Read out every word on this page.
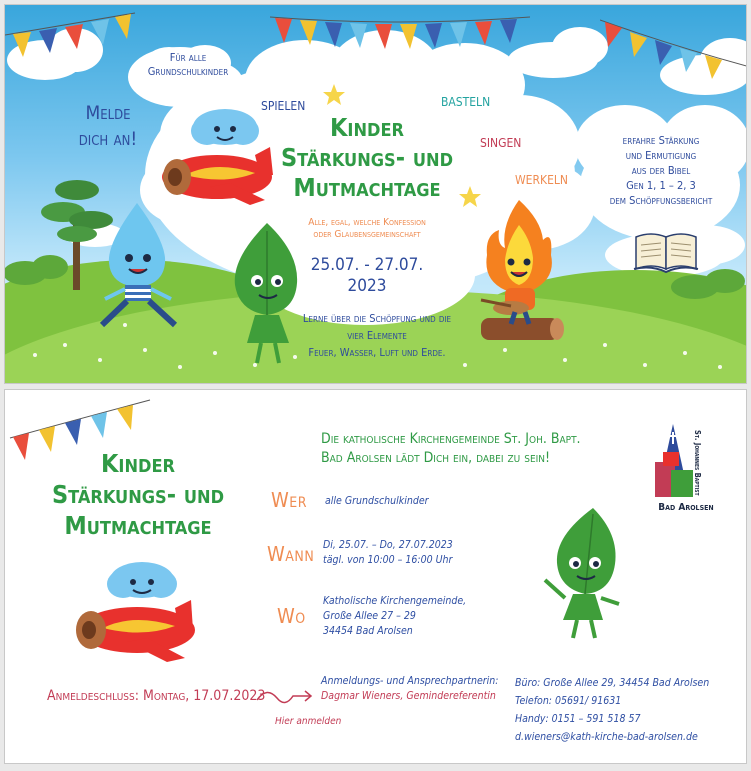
Für alle Grundschulkinder
Melde
dich an!
spielen	basteln
singen
werkeln
Kinder
Stärkungs- und
Mutmachtage
Alle, egal, welche Konfession
oder Glaubensgemeinschaft
25.07. - 27.07.
2023
Lerne über die Schöpfung und die
vier Elemente
Feuer, Wasser, Luft und Erde.
erfahre Stärkung
und Ermutigung
aus der Bibel
Gen 1, 1 – 2, 3
dem Schöpfungsbericht
Kinder
Stärkungs- und
Mutmachtage
Anmeldeschluss: Montag, 17.07.2023
Hier anmelden
Die katholische Kirchengemeinde St. Joh. Bapt.
Bad Arolsen lädt Dich ein, dabei zu sein!
Wer alle Grundschulkinder
Wann Di, 25.07. – Do, 27.07.2023
tägl. von 10:00 – 16:00 Uhr
Wo
Katholische Kirchengemeinde,
Große Allee 27 – 29
34454 Bad Arolsen
Anmeldungs- und Ansprechpartnerin:
Dagmar Wieners, Gemindereferentin
Büro: Große Allee 29, 34454 Bad Arolsen
Telefon: 05691/ 91631
Handy: 0151 – 591 518 57
d.wieners@kath-kirche-bad-arolsen.de
St. Johannes Baptist
Bad Arolsen
